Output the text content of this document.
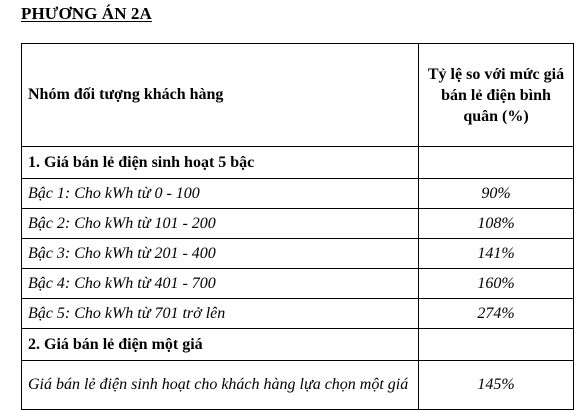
PHƯƠNG ÁN 2A
Nhóm đối tượng khách hàng	Tỷ lệ so với mức giá bán lẻ điện bình quân (%)
1. Giá bán lẻ điện sinh hoạt 5 bậc	
Bậc 1: Cho kWh từ 0 - 100	90%
Bậc 2: Cho kWh từ 101 - 200	108%
Bậc 3: Cho kWh từ 201 - 400	141%
Bậc 4: Cho kWh từ 401 - 700	160%
Bậc 5: Cho kWh từ 701 trở lên	274%
2. Giá bán lẻ điện một giá	
Giá bán lẻ điện sinh hoạt cho khách hàng lựa chọn một giá	145%
